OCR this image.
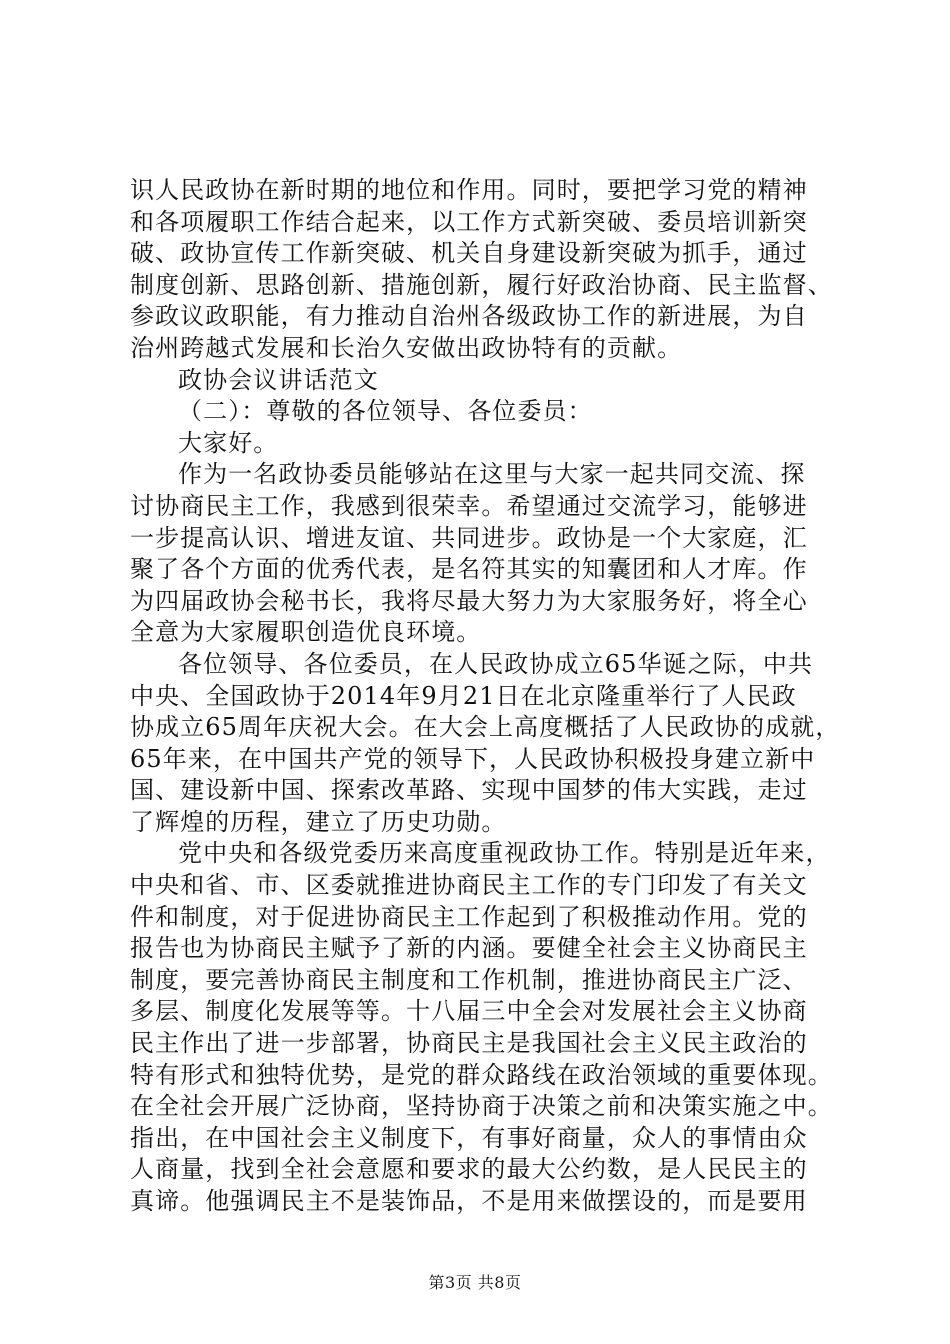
识人民政协在新时期的地位和作用。同时，要把学习党的精神
和各项履职工作结合起来，以工作方式新突破、委员培训新突
破、政协宣传工作新突破、机关自身建设新突破为抓手，通过
制度创新、思路创新、措施创新，履行好政治协商、民主监督、
参政议政职能，有力推动自治州各级政协工作的新进展，为自
治州跨越式发展和长治久安做出政协特有的贡献。
政协会议讲话范文
（二）：尊敬的各位领导、各位委员：
大家好。
作为一名政协委员能够站在这里与大家一起共同交流、探
讨协商民主工作，我感到很荣幸。希望通过交流学习，能够进
一步提高认识、增进友谊、共同进步。政协是一个大家庭，汇
聚了各个方面的优秀代表，是名符其实的知囊团和人才库。作
为四届政协会秘书长，我将尽最大努力为大家服务好，将全心
全意为大家履职创造优良环境。
各位领导、各位委员，在人民政协成立65华诞之际，中共
中央、全国政协于2014年9月21日在北京隆重举行了人民政
协成立65周年庆祝大会。在大会上高度概括了人民政协的成就，
65年来，在中国共产党的领导下，人民政协积极投身建立新中
国、建设新中国、探索改革路、实现中国梦的伟大实践，走过
了辉煌的历程，建立了历史功勋。
党中央和各级党委历来高度重视政协工作。特别是近年来，
中央和省、市、区委就推进协商民主工作的专门印发了有关文
件和制度，对于促进协商民主工作起到了积极推动作用。党的
报告也为协商民主赋予了新的内涵。要健全社会主义协商民主
制度，要完善协商民主制度和工作机制，推进协商民主广泛、
多层、制度化发展等等。十八届三中全会对发展社会主义协商
民主作出了进一步部署，协商民主是我国社会主义民主政治的
特有形式和独特优势，是党的群众路线在政治领域的重要体现。
在全社会开展广泛协商，坚持协商于决策之前和决策实施之中。
指出，在中国社会主义制度下，有事好商量，众人的事情由众
人商量，找到全社会意愿和要求的最大公约数，是人民民主的
真谛。他强调民主不是装饰品，不是用来做摆设的，而是要用
第3页 共8页
